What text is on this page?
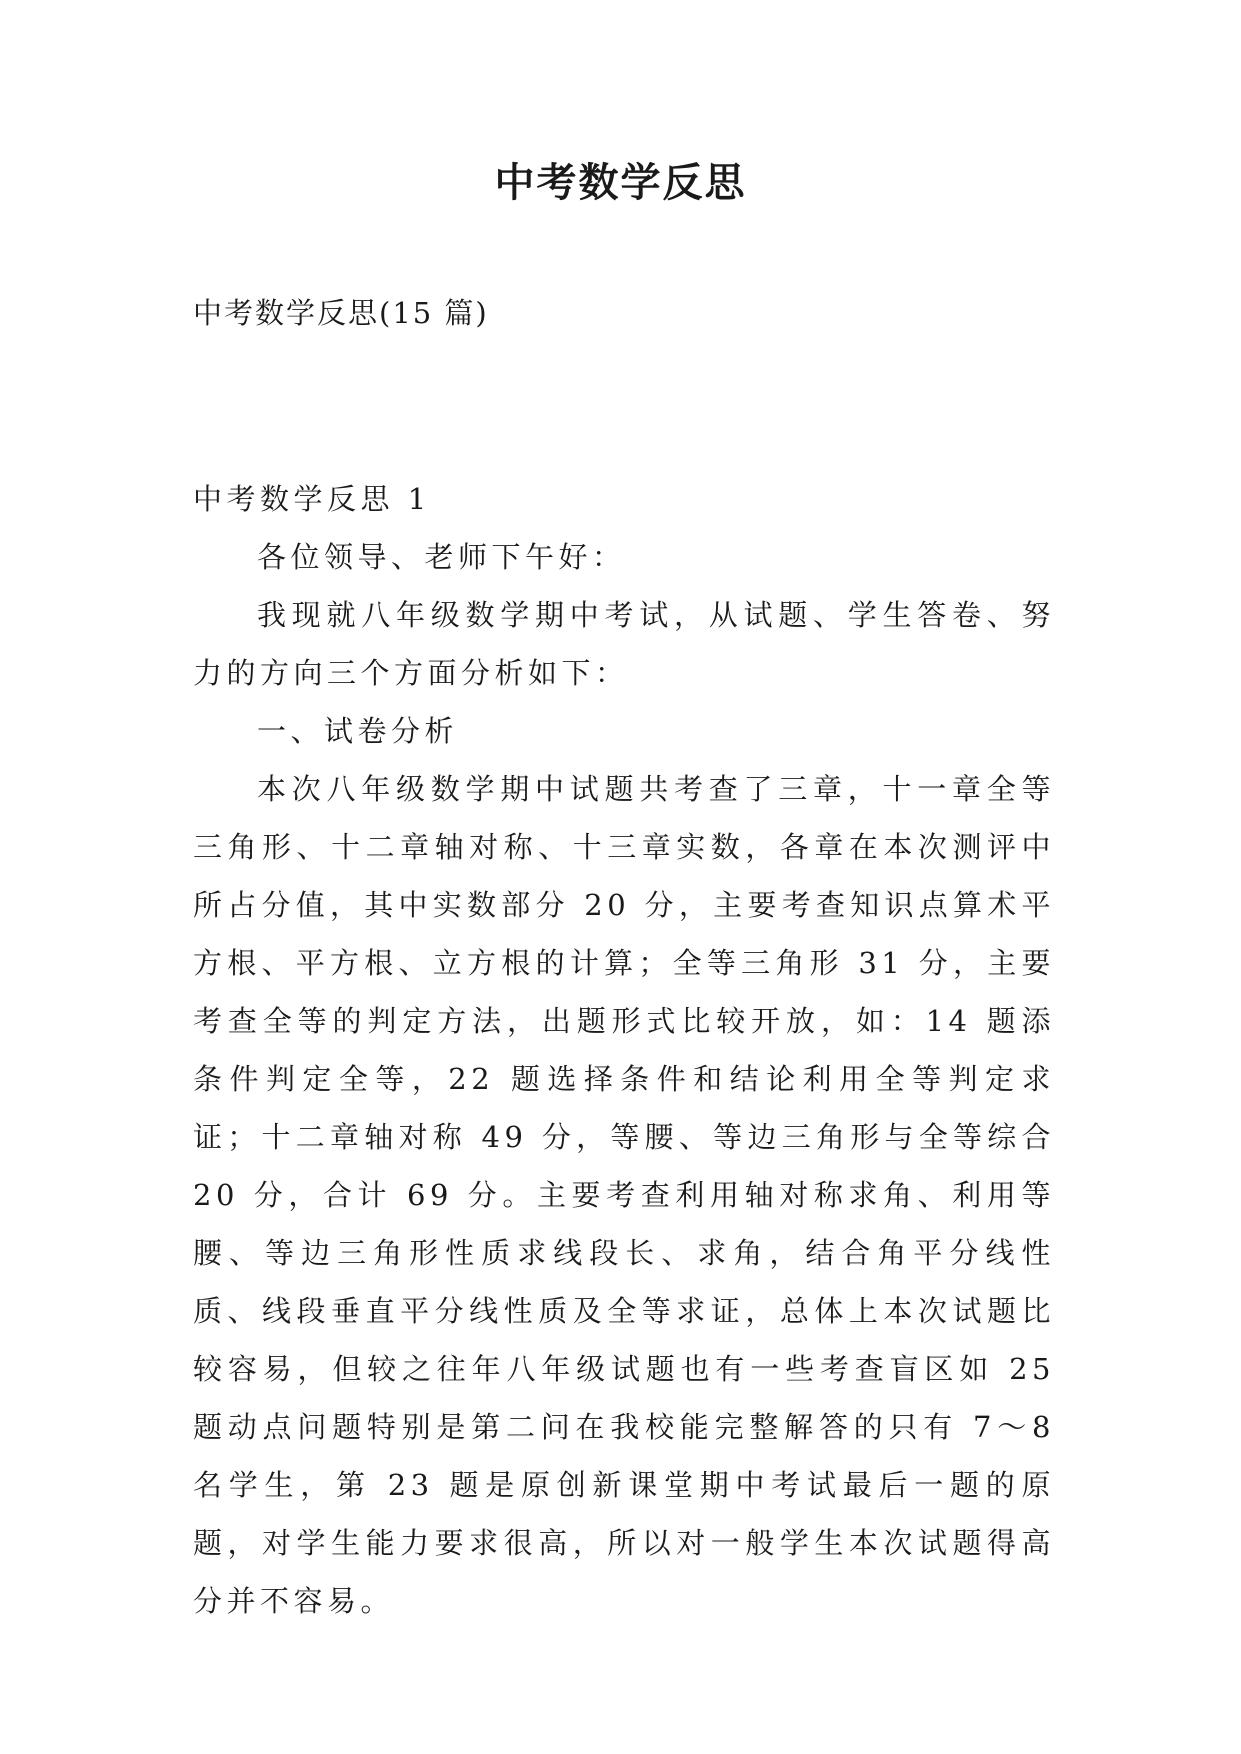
中考数学反思

中考数学反思(15 篇)

中考数学反思 1

各位领导、老师下午好：

我现就八年级数学期中考试，从试题、学生答卷、努力的方向三个方面分析如下：

一、试卷分析

本次八年级数学期中试题共考查了三章，十一章全等三角形、十二章轴对称、十三章实数，各章在本次测评中所占分值，其中实数部分 20 分，主要考查知识点算术平方根、平方根、立方根的计算；全等三角形 31 分，主要考查全等的判定方法，出题形式比较开放，如：14 题添条件判定全等，22 题选择条件和结论利用全等判定求证；十二章轴对称 49 分，等腰、等边三角形与全等综合 20 分，合计 69 分。主要考查利用轴对称求角、利用等腰、等边三角形性质求线段长、求角，结合角平分线性质、线段垂直平分线性质及全等求证，总体上本次试题比较容易，但较之往年八年级试题也有一些考查盲区如 25 题动点问题特别是第二问在我校能完整解答的只有 7～8 名学生，第 23 题是原创新课堂期中考试最后一题的原题，对学生能力要求很高，所以对一般学生本次试题得高分并不容易。
